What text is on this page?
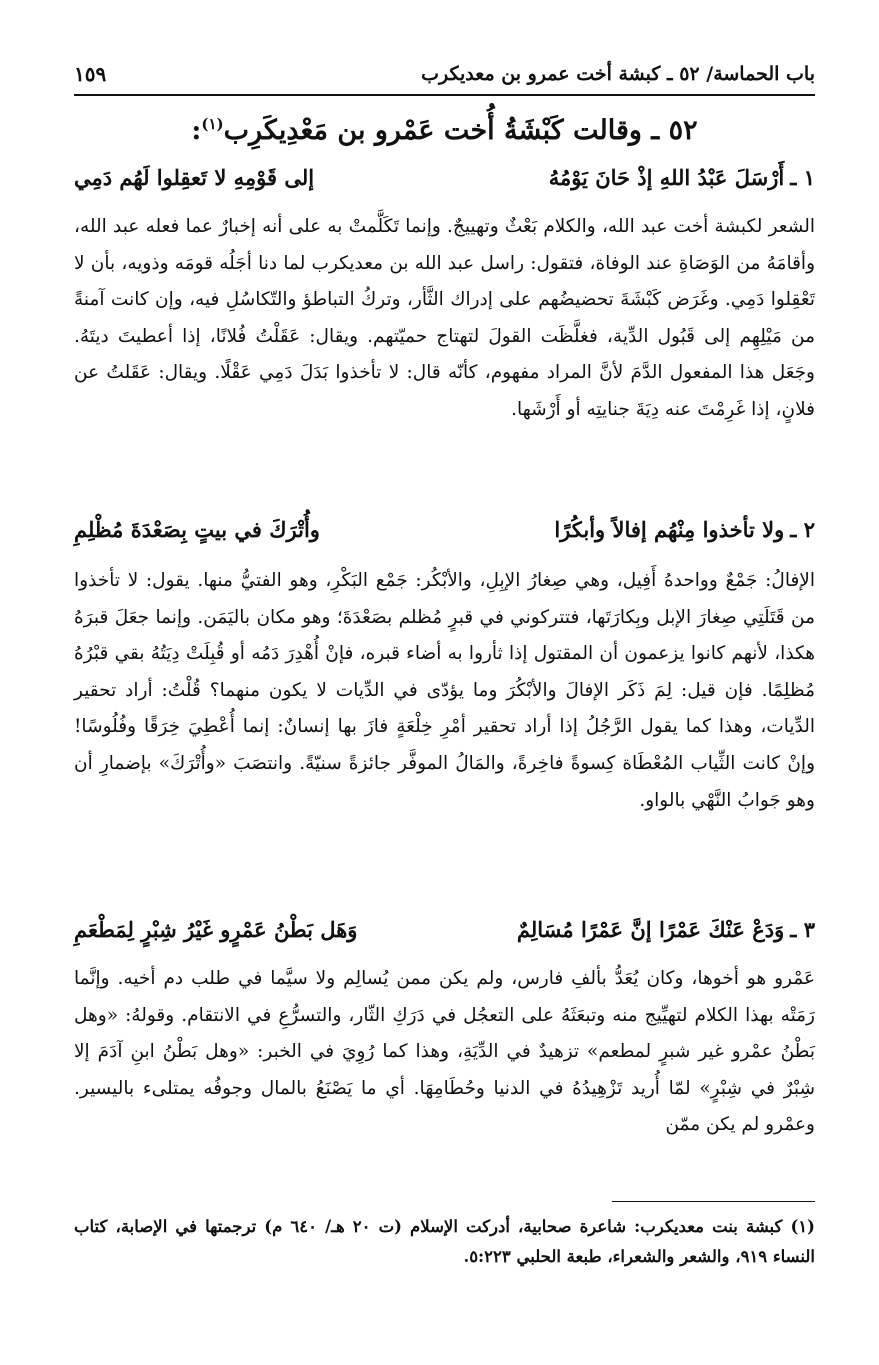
باب الحماسة/ ٥٢ ـ كبشة أخت عمرو بن معديكرب
١٥٩
٥٢ ـ وقالت كَبْشَةُ أُخت عَمْرو بن مَعْدِيكَرِب$^{(١)}$:
١ ـ
أَرْسَلَ عَبْدُ اللهِ إذْ حَانَ يَوْمُهُ
إلى قَوْمِهِ لا تَعقِلوا لَهُم دَمِي
الشعر لكبشة أخت عبد الله، والكلام بَعْثٌ وتهييجٌ. وإنما تَكَلَّمتْ به على أنه إخبارٌ عما فعله عبد الله، وأقامَهُ من الوَصَاةِ عند الوفاة، فتقول: راسل عبد الله بن معديكرب لما دنا أجَلُه قومَه وذويه، بأن لا تَعْقِلوا دَمِي. وغَرَض كَبْشَةَ تحضيضُهم على إدراك الثَّأر، وتركُ التباطؤ والتّكاسُلِ فيه، وإن كانت آمنةً من مَيْلِهِم إلى قَبُول الدِّية، فغلَّظَت القولَ لتهتاج حميّتهم. ويقال: عَقَلْتُ فُلانًا، إذا أعطيتَ ديتَهُ. وجَعَل هذا المفعول الدَّمَ لأنَّ المراد مفهوم، كأنّه قال: لا تأخذوا بَدَلَ دَمِي عَقْلًا. ويقال: عَقَلتُ عن فلانٍ، إذا غَرِمْتَ عنه دِيَةَ جنايتِه أو أَرْشَها.
٢ ـ
ولا تأخذوا مِنْهُم إفالاً وأبكُرًا
وأُتْرَكَ في بيتٍ بِصَعْدَةَ مُظْلِمِ
الإفالُ: جَمْعٌ وواحدهُ أَفِيل، وهي صِغارُ الإبِلِ، والأبْكُر: جَمْع البَكْرِ، وهو الفتيُّ منها. يقول: لا تأخذوا من قَتَلَتِي صِغارَ الإبل وبِكارَتَها، فتتركوني في قبرٍ مُظلم بصَعْدَةَ؛ وهو مكان باليَمَن. وإنما جعَلَ قبرَهُ هكذا، لأنهم كانوا يزعمون أن المقتول إذا ثأروا به أضاء قبره، فإنْ أُهْدِرَ دَمُه أو قُبِلَتْ دِيَتُهُ بقي قبْرُهُ مُظلِمًا. فإن قيل: لِمَ ذَكَر الإفالَ والأبْكُرَ وما يؤدّى في الدِّيات لا يكون منهما؟ قُلْتُ: أراد تحقير الدِّيات، وهذا كما يقول الرَّجُلُ إذا أراد تحقير أمْرِ خِلْعَةٍ فازَ بها إنسانٌ: إنما أُعْطِيَ خِرَقًا وفُلُوسًا! وإنْ كانت الثِّياب المُعْطَاة كِسوةً فاخِرةً، والمَالُ الموفَّر جائزةً سنيّةً. وانتصَبَ «وأُتْرَكَ» بإضمارِ أن وهو جَوابُ النَّهْي بالواو.
٣ ـ
وَدَعْ عَنْكَ عَمْرًا إنَّ عَمْرًا مُسَالِمٌ
وَهَل بَطْنُ عَمْرٍو غَيْرُ شِبْرٍ لِمَطْعَمِ
عَمْرو هو أخوها، وكان يُعَدُّ بألفِ فارس، ولم يكن ممن يُسالِم ولا سيَّما في طلب دم أخيه. وإنَّما رَمَتْه بهذا الكلام لتهيِّيج منه وتبعَثَهُ على التعجُل في دَرَكِ الثّار، والتسرُّعِ في الانتقام. وقولهُ: «وهل بَطْنُ عمْرو غير شبرٍ لمطعم» تزهيدٌ في الدِّيَةِ، وهذا كما رُوِيَ في الخبر: «وهل بَطْنُ ابنِ آدَمَ إلا شِبْرٌ في شِبْرٍ» لمّا أُريد تَزْهِيدُهُ في الدنيا وحُطَامِهَا. أي ما يَصْنَعُ بالمال وجوفُه يمتلىء باليسير. وعمْرو لم يكن ممّن
(١) كبشة بنت معديكرب: شاعرة صحابية، أدركت الإسلام (ت ٢٠ هـ/ ٦٤٠ م) ترجمتها في الإصابة، كتاب النساء ٩١٩، والشعر والشعراء، طبعة الحلبي ٥:٢٢٣.
